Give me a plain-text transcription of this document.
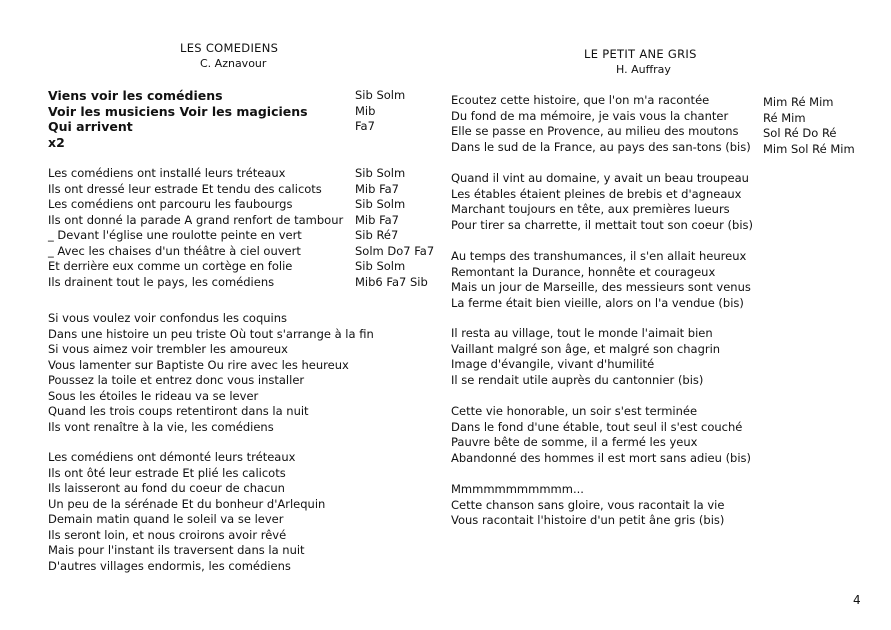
LES COMEDIENS
C. Aznavour
Viens voir les comédiens
Voir les musiciens Voir les magiciens
Qui arrivent
x2
Sib Solm
Mib
Fa7
Les comédiens ont installé leurs tréteaux
Ils ont dressé leur estrade Et tendu des calicots
Les comédiens ont parcouru les faubourgs
Ils ont donné la parade A grand renfort de tambour
_ Devant l'église une roulotte peinte en vert
_ Avec les chaises d'un théâtre à ciel ouvert
Et derrière eux comme un cortège en folie
Ils drainent tout le pays, les comédiens
Sib Solm
Mib Fa7
Sib Solm
Mib Fa7
Sib Ré7
Solm Do7 Fa7
Sib Solm
Mib6 Fa7 Sib
Si vous voulez voir confondus les coquins
Dans une histoire un peu triste Où tout s'arrange à la fin
Si vous aimez voir trembler les amoureux
Vous lamenter sur Baptiste Ou rire avec les heureux
Poussez la toile et entrez donc vous installer
Sous les étoiles le rideau va se lever
Quand les trois coups retentiront dans la nuit
Ils vont renaître à la vie, les comédiens
Les comédiens ont démonté leurs tréteaux
Ils ont ôté leur estrade Et plié les calicots
Ils laisseront au fond du coeur de chacun
Un peu de la sérénade Et du bonheur d'Arlequin
Demain matin quand le soleil va se lever
Ils seront loin, et nous croirons avoir rêvé
Mais pour l'instant ils traversent dans la nuit
D'autres villages endormis, les comédiens
LE PETIT ANE GRIS
H. Auffray
Ecoutez cette histoire, que l'on m'a racontée
Du fond de ma mémoire, je vais vous la chanter
Elle se passe en Provence, au milieu des moutons
Dans le sud de la France, au pays des san-tons (bis)
Mim Ré Mim
Ré Mim
Sol Ré Do Ré
Mim Sol Ré Mim
Quand il vint au domaine, y avait un beau troupeau
Les étables étaient pleines de brebis et d'agneaux
Marchant toujours en tête, aux premières lueurs
Pour tirer sa charrette, il mettait tout son coeur (bis)
Au temps des transhumances, il s'en allait heureux
Remontant la Durance, honnête et courageux
Mais un jour de Marseille, des messieurs sont venus
La ferme était bien vieille, alors on l'a vendue (bis)
Il resta au village, tout le monde l'aimait bien
Vaillant malgré son âge, et malgré son chagrin
Image d'évangile, vivant d'humilité
Il se rendait utile auprès du cantonnier (bis)
Cette vie honorable, un soir s'est terminée
Dans le fond d'une étable, tout seul il s'est couché
Pauvre bête de somme, il a fermé les yeux
Abandonné des hommes il est mort sans adieu (bis)
Mmmmmmmmmmm...
Cette chanson sans gloire, vous racontait la vie
Vous racontait l'histoire d'un petit âne gris (bis)
4
